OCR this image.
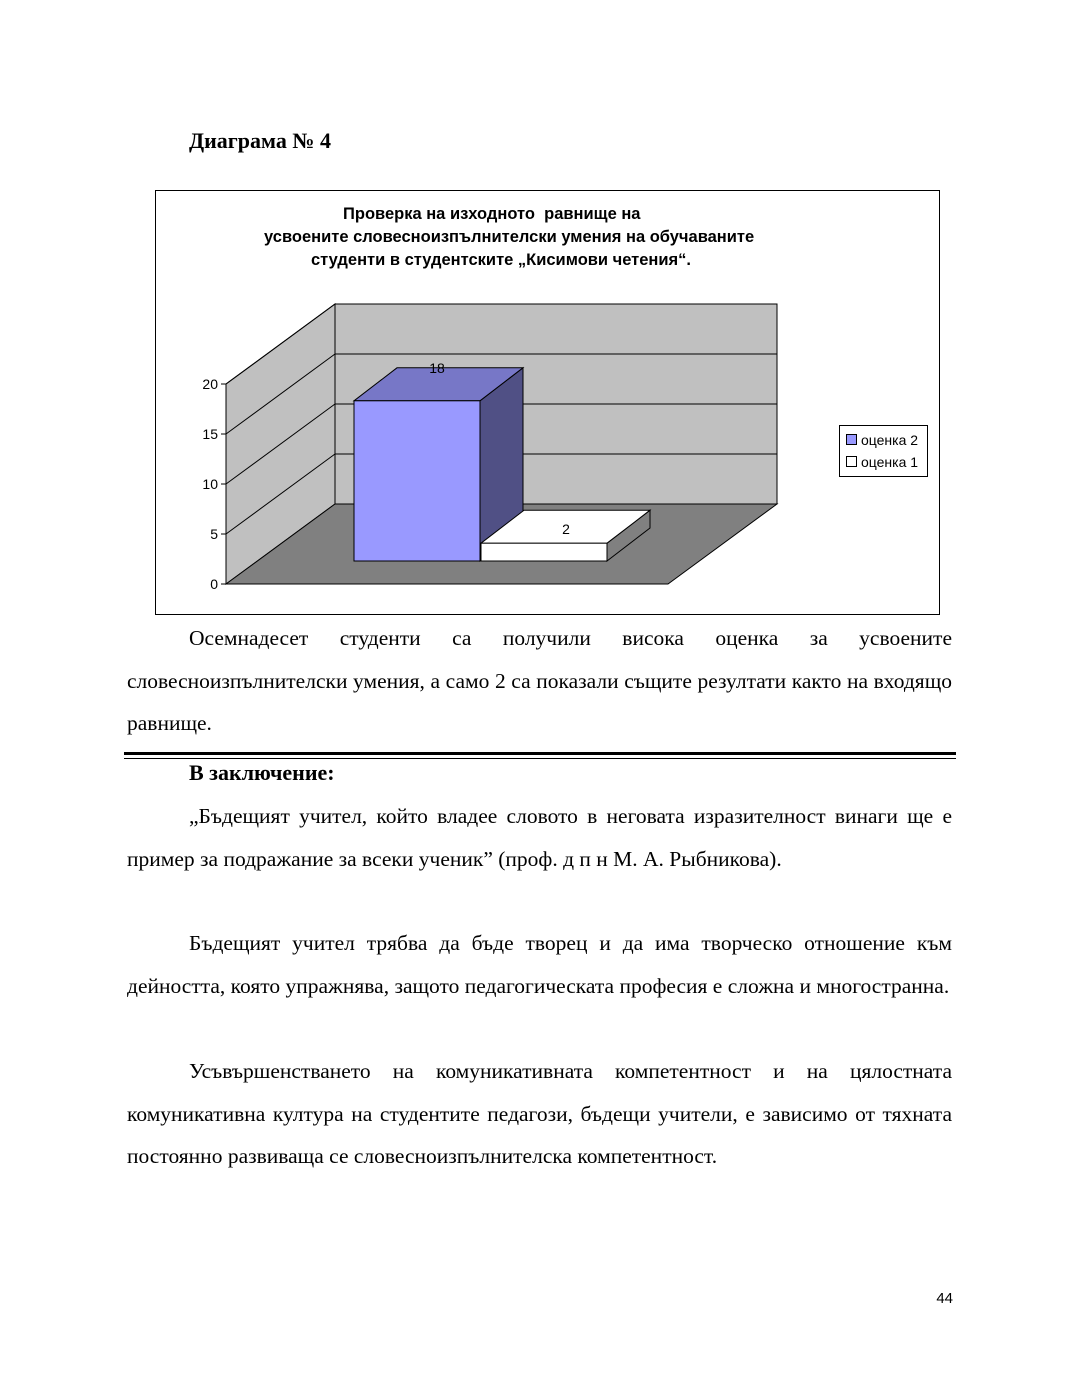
Диаграма № 4
0
5
10
15
20
18
2
Проверка на изходното  равнище на
усвоените словесноизпълнителски умения на обучаваните
студенти в студентските „Кисимови четения“.
оценка 2
оценка 1

Осемнадесет студенти са получили висока оценка за усвоените словесноизпълнителски умения, а само 2 са показали същите резултати както на входящо равнище.

В заключение:

„Бъдещият учител, който владее словото в неговата изразителност винаги ще е пример за подражание за всеки ученик” (проф. д п н М. А. Рыбникова).

Бъдещият учител трябва да бъде творец и да има творческо отношение към дейността, която упражнява, защото педагогическата професия е сложна и многостранна.

Усъвършенстването на комуникативната компетентност и на цялостната комуникативна култура на студентите педагози, бъдещи учители, е зависимо от тяхната постоянно развиваща се словесноизпълнителска компетентност.

44
